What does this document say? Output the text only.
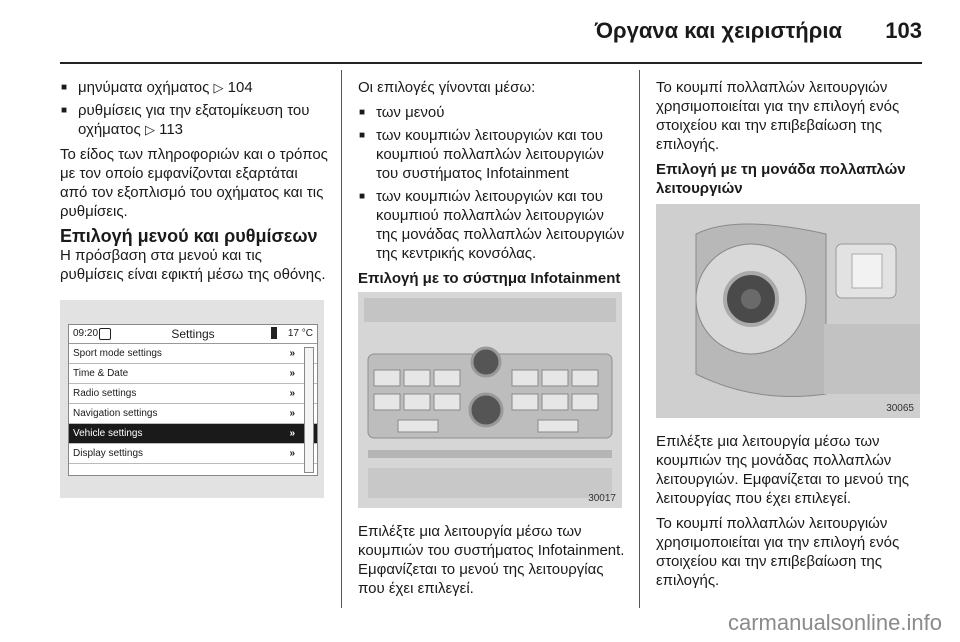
Όργανα και χειριστήρια 103
■ μηνύματα οχήματος ▷ 104
■ ρυθμίσεις για την εξατομίκευση του οχήματος ▷ 113

Το είδος των πληροφοριών και ο τρόπος με τον οποίο εμφανίζονται εξαρτάται από τον εξοπλισμό του οχήματος και τις ρυθμίσεις.

Επιλογή μενού και ρυθμίσεων

Η πρόσβαση στα μενού και τις ρυθμίσεις είναι εφικτή μέσω της οθόνης.

09:20	Settings	17 °C
Sport mode settings	»
Time & Date	»
Radio settings	»
Navigation settings	»
Vehicle settings	»
Display settings	»

Οι επιλογές γίνονται μέσω:

■ των μενού
■ των κουμπιών λειτουργιών και του κουμπιού πολλαπλών λειτουργιών του συστήματος Infotainment
■ των κουμπιών λειτουργιών και του κουμπιού πολλαπλών λειτουργιών της μονάδας πολλαπλών λειτουργιών της κεντρικής κονσόλας.
Επιλογή με το σύστημα Infotainment
30017

Επιλέξτε μια λειτουργία μέσω των κουμπιών του συστήματος Infotainment. Εμφανίζεται το μενού της λειτουργίας που έχει επιλεγεί.

Το κουμπί πολλαπλών λειτουργιών χρησιμοποιείται για την επιλογή ενός στοιχείου και την επιβεβαίωση της επιλογής.

Επιλογή με τη μονάδα πολλαπλών λειτουργιών
30065

Επιλέξτε μια λειτουργία μέσω των κουμπιών της μονάδας πολλαπλών λειτουργιών. Εμφανίζεται το μενού της λειτουργίας που έχει επιλεγεί.

Το κουμπί πολλαπλών λειτουργιών χρησιμοποιείται για την επιλογή ενός στοιχείου και την επιβεβαίωση της επιλογής.

carmanualsonline.info
